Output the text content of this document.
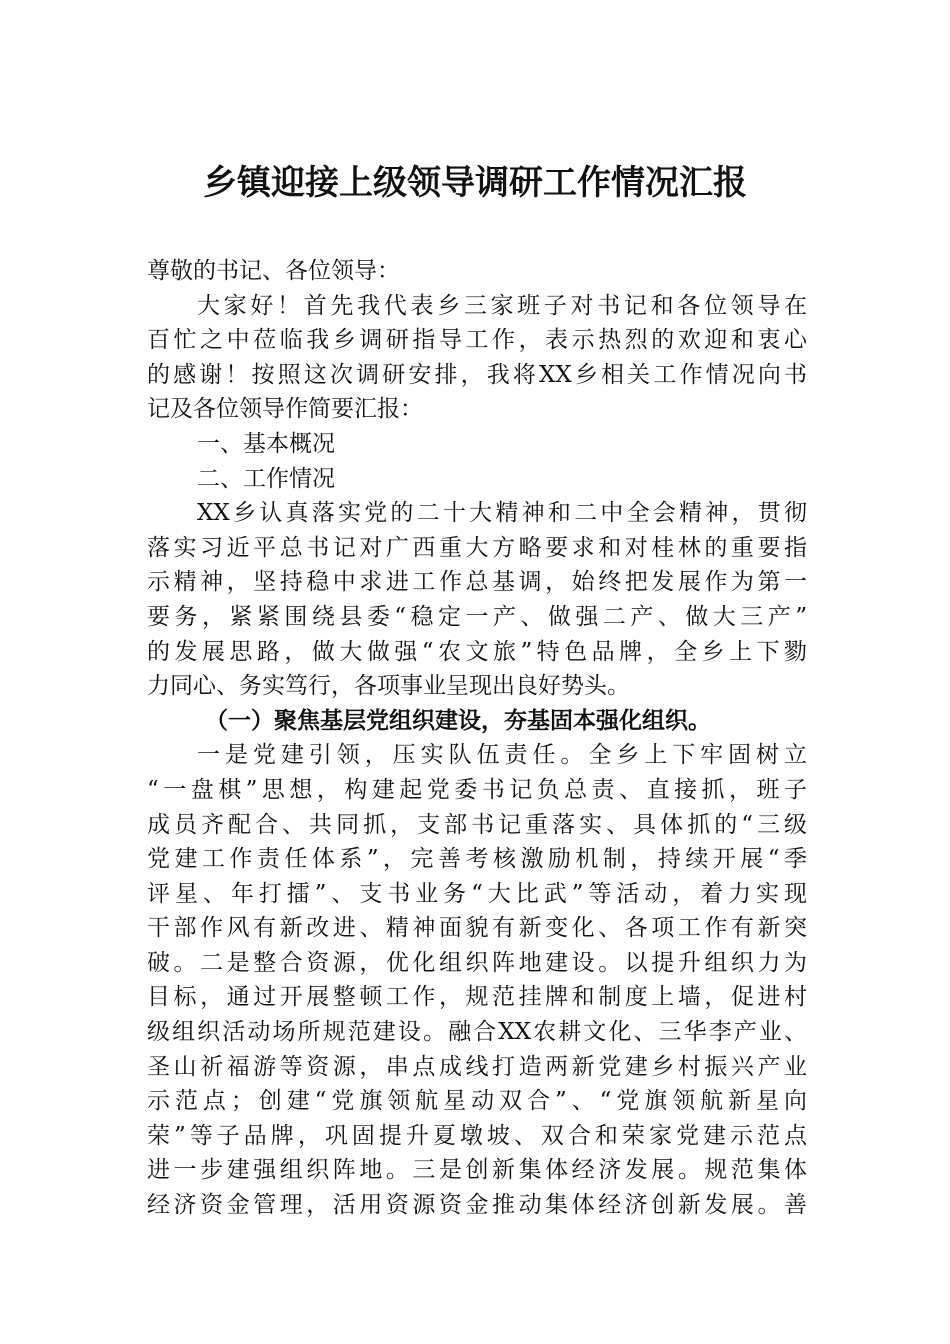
乡镇迎接上级领导调研工作情况汇报
尊敬的书记、各位领导：
大家好！首先我代表乡三家班子对书记和各位领导在
百忙之中莅临我乡调研指导工作，表示热烈的欢迎和衷心
的感谢！按照这次调研安排，我将XX乡相关工作情况向书
记及各位领导作简要汇报：
一、基本概况
二、工作情况
XX乡认真落实党的二十大精神和二中全会精神，贯彻
落实习近平总书记对广西重大方略要求和对桂林的重要指
示精神，坚持稳中求进工作总基调，始终把发展作为第一
要务，紧紧围绕县委“稳定一产、做强二产、做大三产”
的发展思路，做大做强“农文旅”特色品牌，全乡上下勠
力同心、务实笃行，各项事业呈现出良好势头。
（一）聚焦基层党组织建设，夯基固本强化组织。
一是党建引领，压实队伍责任。全乡上下牢固树立
“一盘棋”思想，构建起党委书记负总责、直接抓，班子
成员齐配合、共同抓，支部书记重落实、具体抓的“三级
党建工作责任体系”，完善考核激励机制，持续开展“季
评星、年打擂”、支书业务“大比武”等活动，着力实现
干部作风有新改进、精神面貌有新变化、各项工作有新突
破。二是整合资源，优化组织阵地建设。以提升组织力为
目标，通过开展整顿工作，规范挂牌和制度上墙，促进村
级组织活动场所规范建设。融合XX农耕文化、三华李产业、
圣山祈福游等资源，串点成线打造两新党建乡村振兴产业
示范点；创建“党旗领航星动双合”、“党旗领航新星向
荣”等子品牌，巩固提升夏墩坡、双合和荣家党建示范点
进一步建强组织阵地。三是创新集体经济发展。规范集体
经济资金管理，活用资源资金推动集体经济创新发展。善
